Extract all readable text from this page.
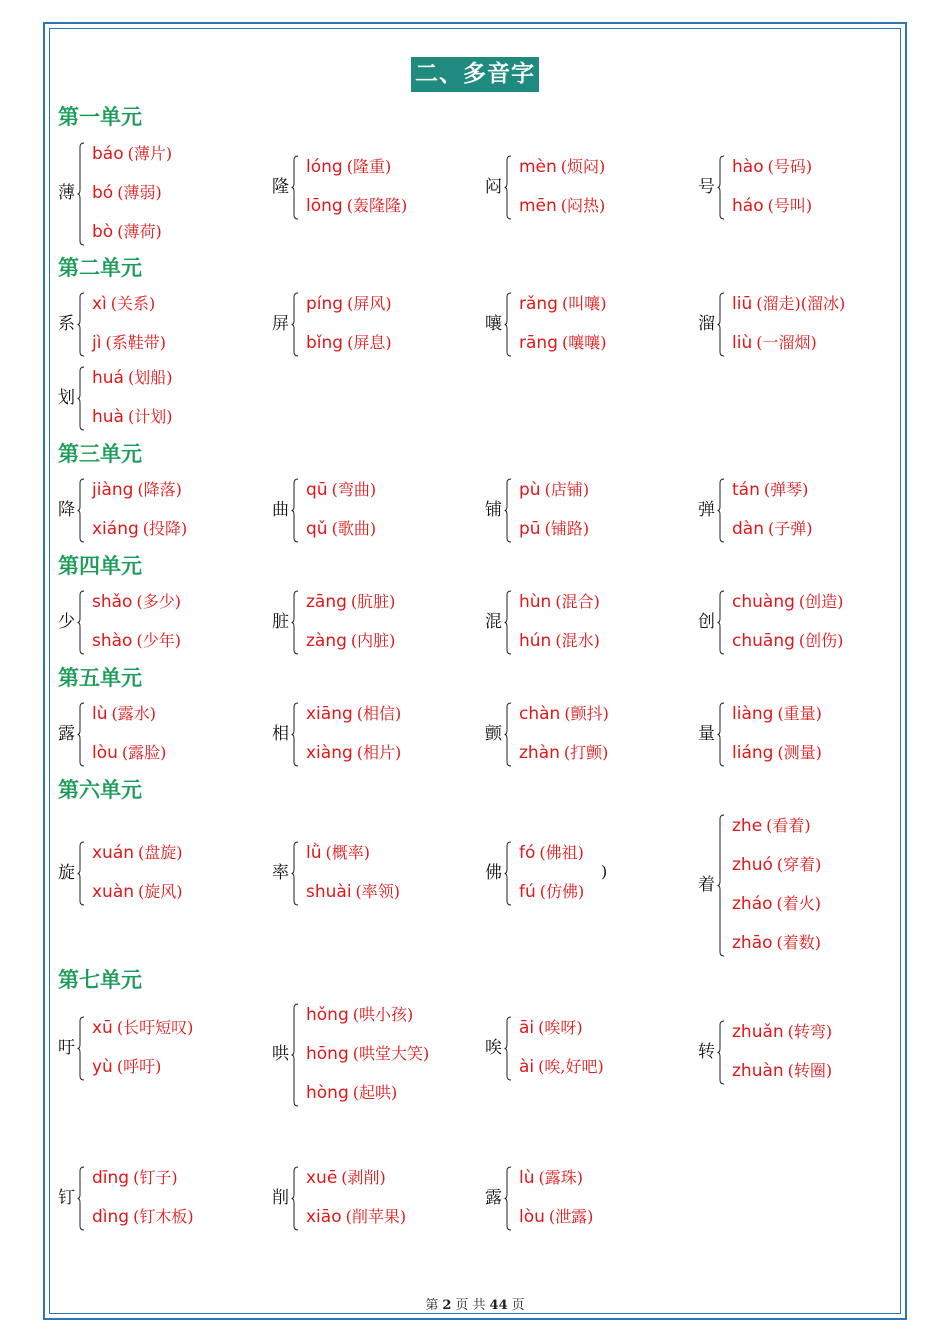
二、多音字
第一单元
第二单元
第三单元
第四单元
第五单元
第六单元
第七单元
薄
báo (薄片)
bó (薄弱)
bò (薄荷)
隆
lóng (隆重)
lōng (轰隆隆)
闷
mèn (烦闷)
mēn (闷热)
号
hào (号码)
háo (号叫)
系
xì (关系)
jì (系鞋带)
屏
píng (屏风)
bǐng (屏息)
嚷
rǎng (叫嚷)
rāng (嚷嚷)
溜
liū (溜走)(溜冰)
liù (一溜烟)
划
huá (划船)
huà (计划)
降
jiàng (降落)
xiáng (投降)
曲
qū (弯曲)
qǔ (歌曲)
铺
pù (店铺)
pū (铺路)
弹
tán (弹琴)
dàn (子弹)
少
shǎo (多少)
shào (少年)
脏
zāng (肮脏)
zàng (内脏)
混
hùn (混合)
hún (混水)
创
chuàng (创造)
chuāng (创伤)
露
lù (露水)
lòu (露脸)
相
xiāng (相信)
xiàng (相片)
颤
chàn (颤抖)
zhàn (打颤)
量
liàng (重量)
liáng (测量)
旋
xuán (盘旋)
xuàn (旋风)
率
lǜ (概率)
shuài (率领)
佛
fó (佛祖)
fú (仿佛)	着
zhe (看着)
zhuó (穿着)
zháo (着火)
zhāo (着数)
吁
xū (长吁短叹)
yù (呼吁)
哄
hǒng (哄小孩)
hōng (哄堂大笑)
hòng (起哄)
唉
āi (唉呀)
ài (唉,好吧)
转
zhuǎn (转弯)
zhuàn (转圈)
钉
dīng (钉子)
dìng (钉木板)
削
xuē (剥削)
xiāo (削苹果)
露
lù (露珠)
lòu (泄露)
)
第 2 页 共 44 页
